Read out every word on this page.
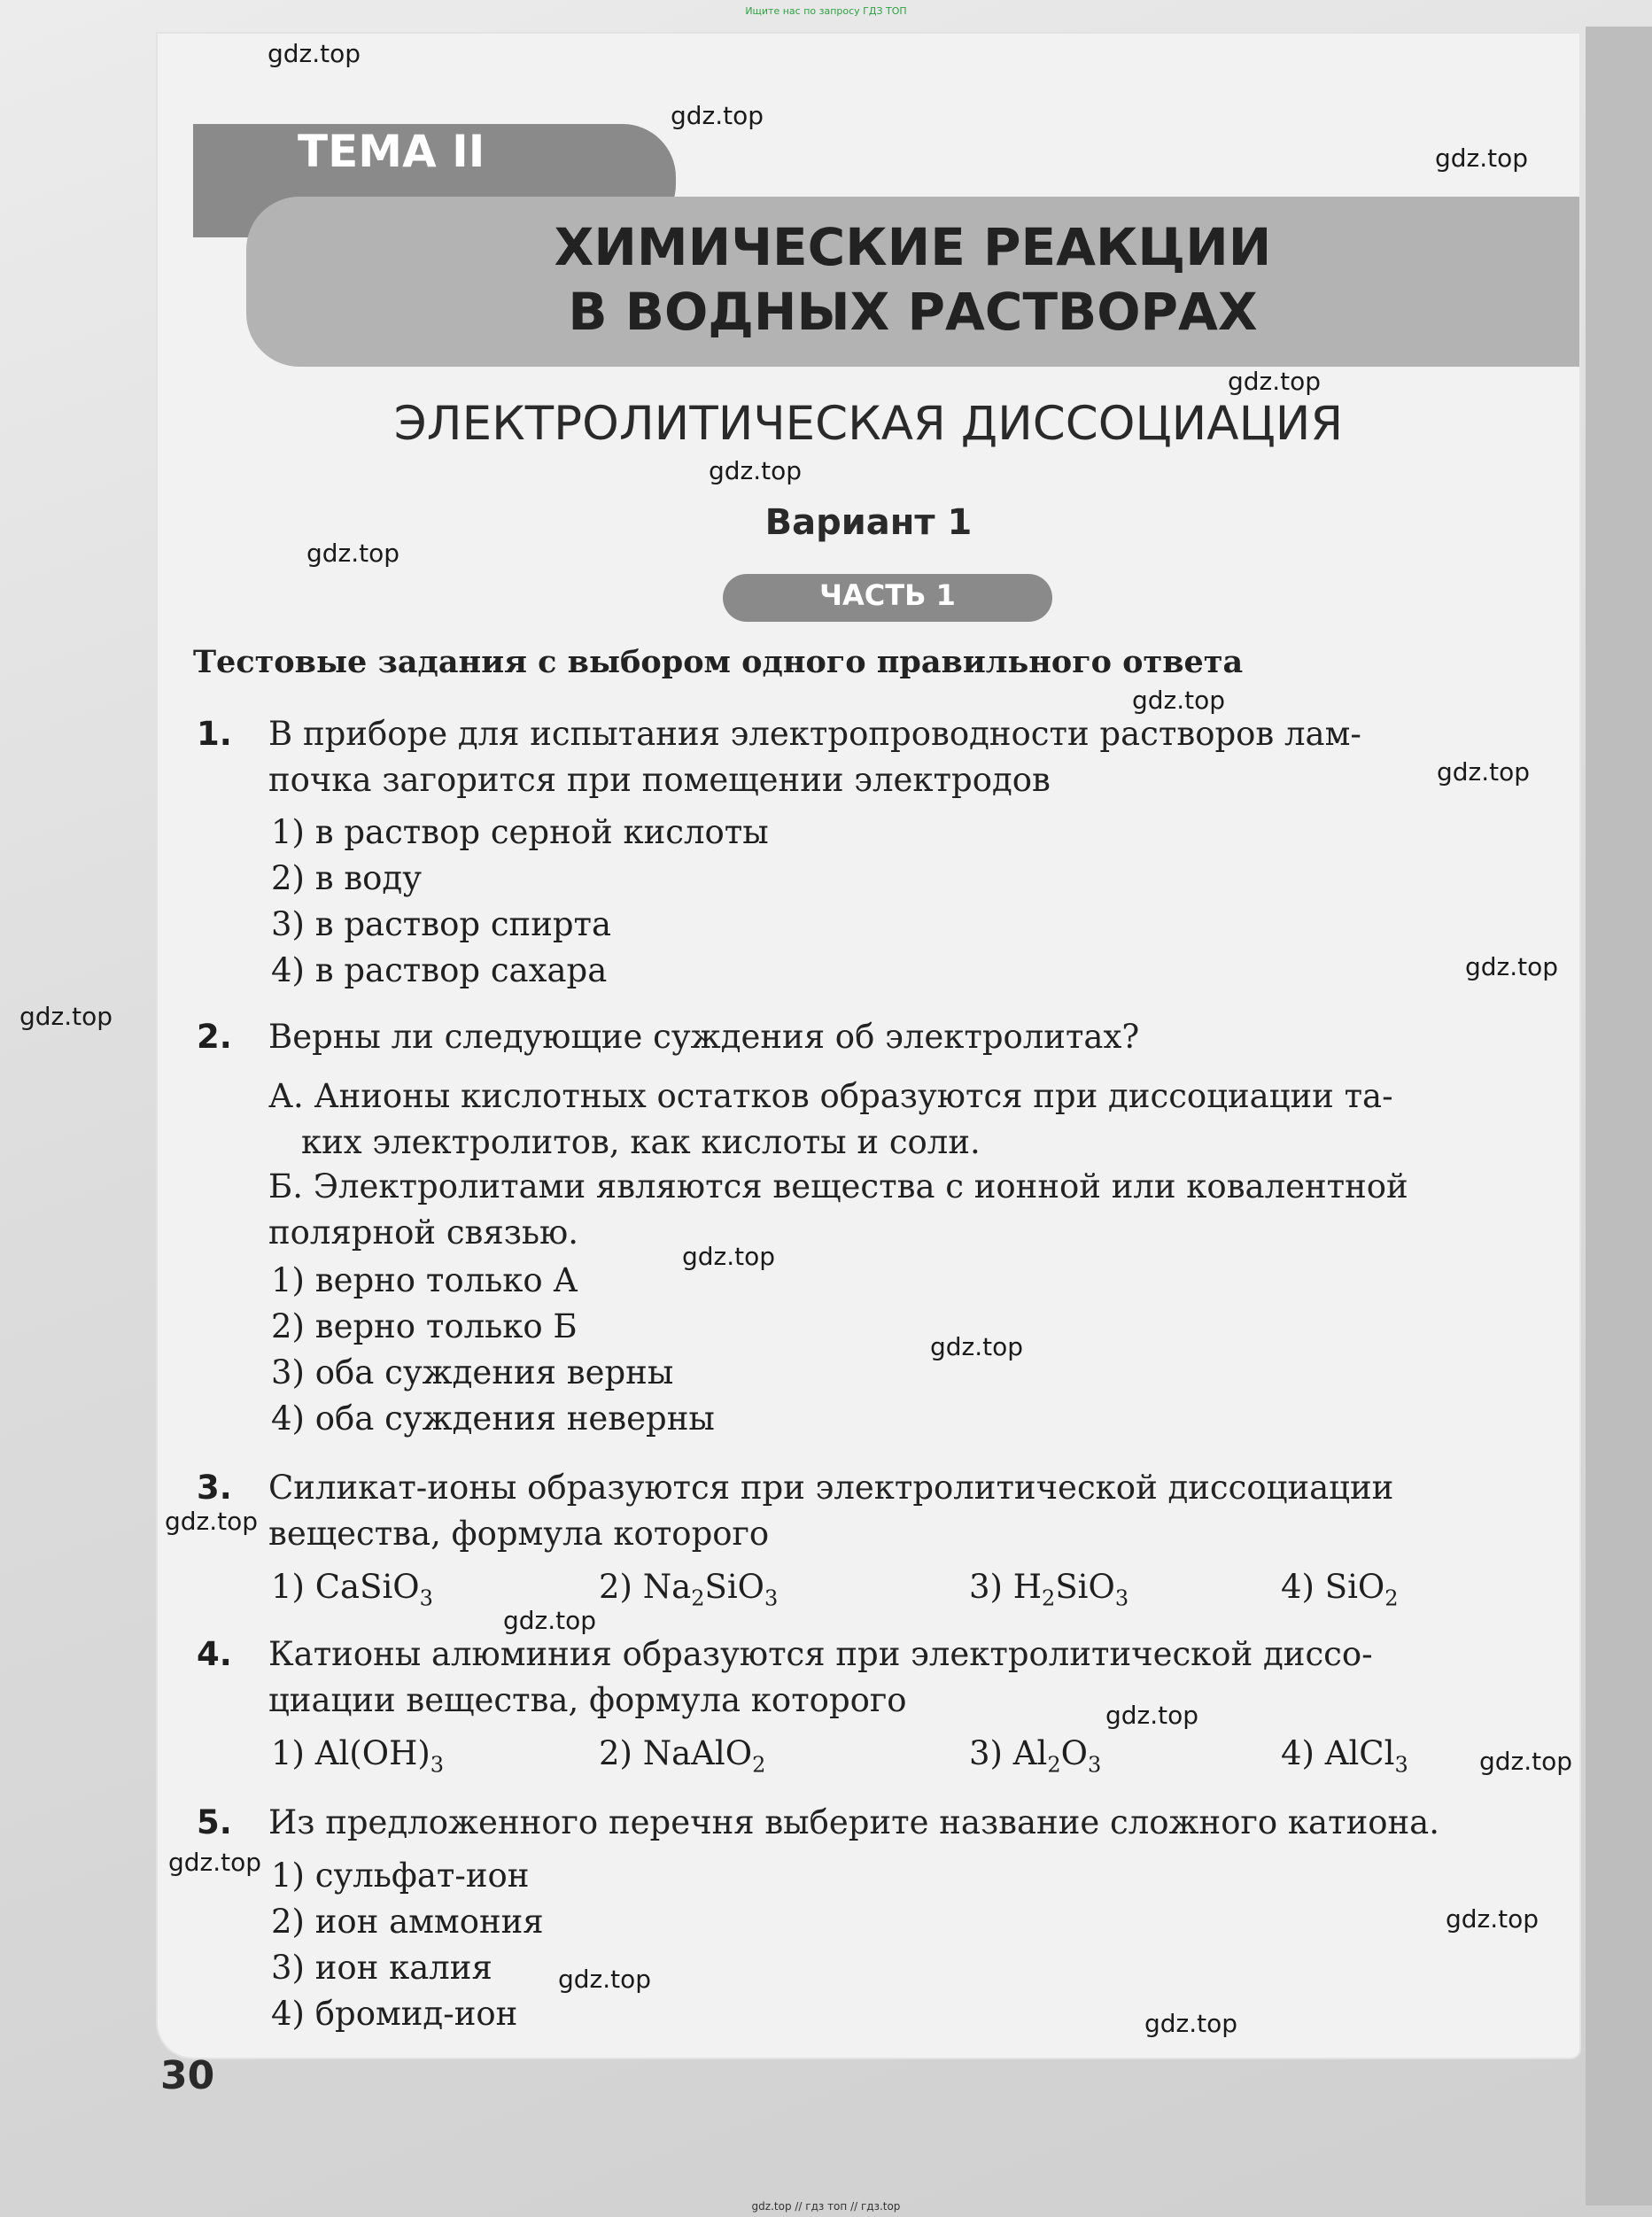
Ищите нас по запросу ГДЗ ТОП
ТЕМА II
ХИМИЧЕСКИЕ РЕАКЦИИ
В ВОДНЫХ РАСТВОРАХ
ЭЛЕКТРОЛИТИЧЕСКАЯ ДИССОЦИАЦИЯ
Вариант 1
ЧАСТЬ 1
Тестовые задания с выбором одного правильного ответа
1. В приборе для испытания электропроводности растворов лам-
почка загорится при помещении электродов
1) в раствор серной кислоты
2) в воду
3) в раствор спирта
4) в раствор сахара
2. Верны ли следующие суждения об электролитах?
А. Анионы кислотных остатков образуются при диссоциации та-
ких электролитов, как кислоты и соли.
Б. Электролитами являются вещества с ионной или ковалентной
полярной связью.
1) верно только А
2) верно только Б
3) оба суждения верны
4) оба суждения неверны
3. Силикат-ионы образуются при электролитической диссоциации
вещества, формула которого
1) CaSiO$_3$	2) $Na_2SiO_3$	3) $H_2SiO_3$	4) SiO$_2$
4. Катионы алюминия образуются при электролитической диссо-
циации вещества, формула которого
1) $Al(OH)_3$	2) NaAlO$_2$	3) $Al_2O_3$	4) AlCl$_3$
5. Из предложенного перечня выберите название сложного катиона.
1) сульфат-ион
2) ион аммония
3) ион калия
4) бромид-ион
gdz.top
gdz.top
gdz.top
gdz.top
gdz.top
gdz.top
gdz.top
gdz.top
gdz.top
gdz.top
gdz.top
gdz.top
gdz.top
gdz.top
gdz.top
gdz.top
gdz.top
gdz.top
gdz.top
gdz.top
30
gdz.top // гдз топ // гдз.top
